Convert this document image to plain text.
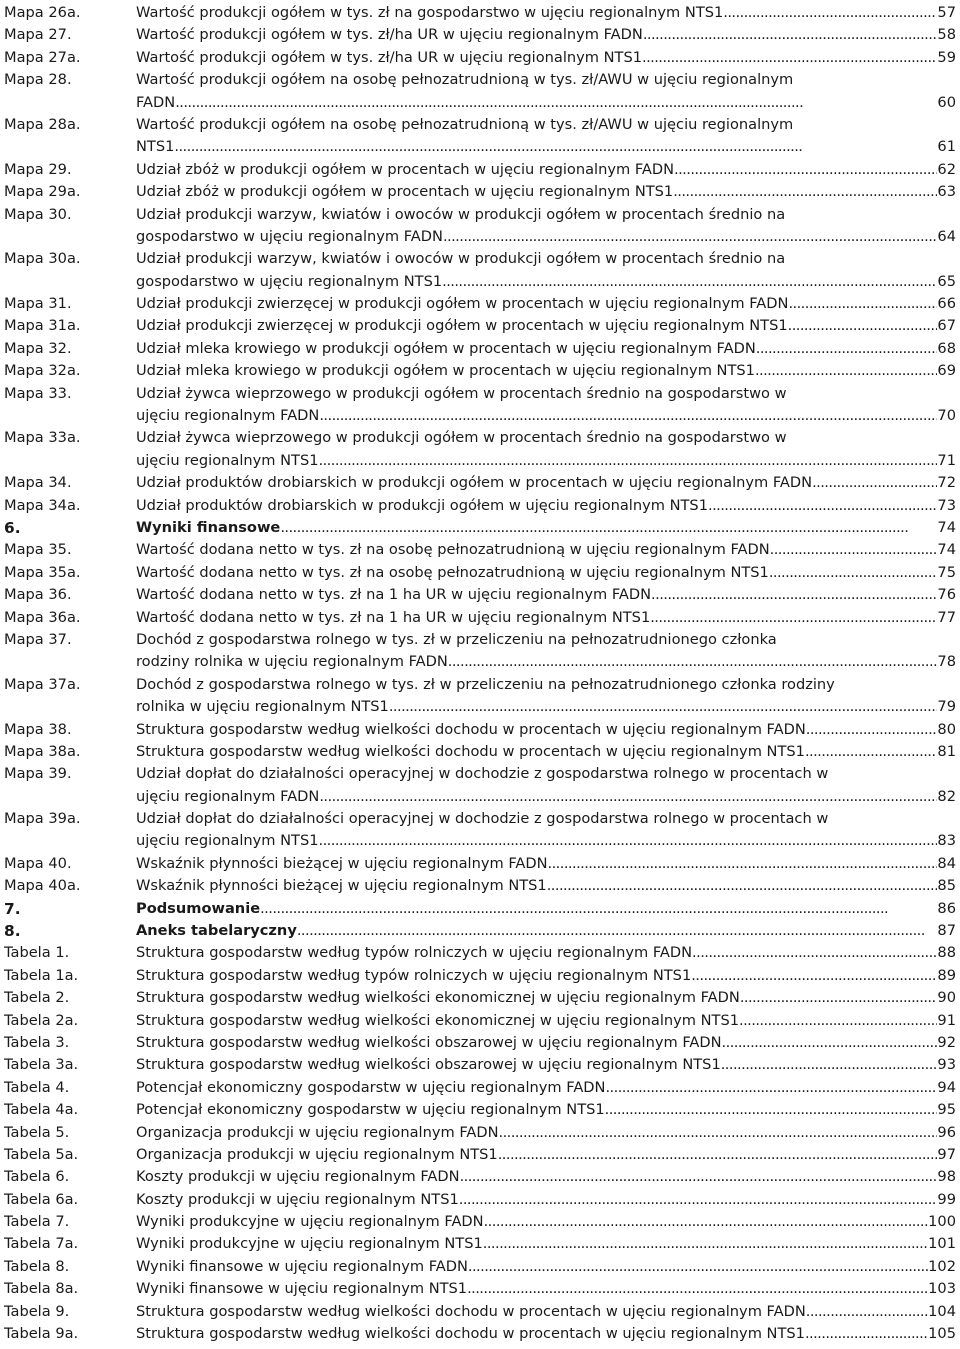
Mapa 26a.	Wartość produkcji ogółem w tys. zł na gospodarstwo w ujęciu regionalnym NTS1 . . .	57
Mapa 27.	Wartość produkcji ogółem w tys. zł/ha UR w ujęciu regionalnym FADN . . .	58
Mapa 27a.	Wartość produkcji ogółem w tys. zł/ha UR w ujęciu regionalnym NTS1 . . .	59
Mapa 28.	Wartość produkcji ogółem na osobę pełnozatrudnioną w tys. zł/AWU w ujęciu regionalnym
FADN . . .	60
Mapa 28a.	Wartość produkcji ogółem na osobę pełnozatrudnioną w tys. zł/AWU w ujęciu regionalnym
NTS1 . . .	61
Mapa 29.	Udział zbóż w produkcji ogółem w procentach w ujęciu regionalnym FADN . . .	62
Mapa 29a.	Udział zbóż w produkcji ogółem w procentach w ujęciu regionalnym NTS1 . . .	63
Mapa 30.	Udział produkcji warzyw, kwiatów i owoców w produkcji ogółem w procentach średnio na
gospodarstwo w ujęciu regionalnym FADN . . .	64
Mapa 30a.	Udział produkcji warzyw, kwiatów i owoców w produkcji ogółem w procentach średnio na
gospodarstwo w ujęciu regionalnym NTS1 . . .	65
Mapa 31.	Udział produkcji zwierzęcej w produkcji ogółem w procentach w ujęciu regionalnym FADN . . .	66
Mapa 31a.	Udział produkcji zwierzęcej w produkcji ogółem w procentach w ujęciu regionalnym NTS1 . . .	67
Mapa 32.	Udział mleka krowiego w produkcji ogółem w procentach w ujęciu regionalnym FADN . . .	68
Mapa 32a.	Udział mleka krowiego w produkcji ogółem w procentach w ujęciu regionalnym NTS1 . . .	69
Mapa 33.	Udział żywca wieprzowego w produkcji ogółem w procentach średnio na gospodarstwo w
ujęciu regionalnym FADN . . .	70
Mapa 33a.	Udział żywca wieprzowego w produkcji ogółem w procentach średnio na gospodarstwo w
ujęciu regionalnym NTS1 . . .	71
Mapa 34.	Udział produktów drobiarskich w produkcji ogółem w procentach w ujęciu regionalnym FADN . . .	72
Mapa 34a.	Udział produktów drobiarskich w produkcji ogółem w ujęciu regionalnym NTS1 . . .	73
6.	Wyniki finansowe . . .	74
Mapa 35.	Wartość dodana netto w tys. zł na osobę pełnozatrudnioną w ujęciu regionalnym FADN . . .	74
Mapa 35a.	Wartość dodana netto w tys. zł na osobę pełnozatrudnioną w ujęciu regionalnym NTS1 . . .	75
Mapa 36.	Wartość dodana netto w tys. zł na 1 ha UR w ujęciu regionalnym FADN . . .	76
Mapa 36a.	Wartość dodana netto w tys. zł na 1 ha UR w ujęciu regionalnym NTS1 . . .	77
Mapa 37.	Dochód z gospodarstwa rolnego w tys. zł w przeliczeniu na pełnozatrudnionego członka
rodziny rolnika w ujęciu regionalnym FADN . . .	78
Mapa 37a.	Dochód z gospodarstwa rolnego w tys. zł w przeliczeniu na pełnozatrudnionego członka rodziny
rolnika w ujęciu regionalnym NTS1 . . .	79
Mapa 38.	Struktura gospodarstw według wielkości dochodu w procentach w ujęciu regionalnym FADN . . .	80
Mapa 38a.	Struktura gospodarstw według wielkości dochodu w procentach w ujęciu regionalnym NTS1 . . .	81
Mapa 39.	Udział dopłat do działalności operacyjnej w dochodzie z gospodarstwa rolnego w procentach w
ujęciu regionalnym FADN . . .	82
Mapa 39a.	Udział dopłat do działalności operacyjnej w dochodzie z gospodarstwa rolnego w procentach w
ujęciu regionalnym NTS1 . . .	83
Mapa 40.	Wskaźnik płynności bieżącej w ujęciu regionalnym FADN . . .	84
Mapa 40a.	Wskaźnik płynności bieżącej w ujęciu regionalnym NTS1 . . .	85
7.	Podsumowanie . . .	86
8.	Aneks tabelaryczny . . .	87
Tabela 1.	Struktura gospodarstw według typów rolniczych w ujęciu regionalnym FADN . . .	88
Tabela 1a.	Struktura gospodarstw według typów rolniczych w ujęciu regionalnym NTS1 . . .	89
Tabela 2.	Struktura gospodarstw według wielkości ekonomicznej w ujęciu regionalnym FADN . . .	90
Tabela 2a.	Struktura gospodarstw według wielkości ekonomicznej w ujęciu regionalnym NTS1 . . .	91
Tabela 3.	Struktura gospodarstw według wielkości obszarowej w ujęciu regionalnym FADN . . .	92
Tabela 3a.	Struktura gospodarstw według wielkości obszarowej w ujęciu regionalnym NTS1 . . .	93
Tabela 4.	Potencjał ekonomiczny gospodarstw w ujęciu regionalnym FADN . . .	94
Tabela 4a.	Potencjał ekonomiczny gospodarstw w ujęciu regionalnym NTS1 . . .	95
Tabela 5.	Organizacja produkcji w ujęciu regionalnym FADN . . .	96
Tabela 5a.	Organizacja produkcji w ujęciu regionalnym NTS1 . . .	97
Tabela 6.	Koszty produkcji w ujęciu regionalnym FADN . . .	98
Tabela 6a.	Koszty produkcji w ujęciu regionalnym NTS1 . . .	99
Tabela 7.	Wyniki produkcyjne w ujęciu regionalnym FADN . . .	100
Tabela 7a.	Wyniki produkcyjne w ujęciu regionalnym NTS1 . . .	101
Tabela 8.	Wyniki finansowe w ujęciu regionalnym FADN . . .	102
Tabela 8a.	Wyniki finansowe w ujęciu regionalnym NTS1 . . .	103
Tabela 9.	Struktura gospodarstw według wielkości dochodu w procentach w ujęciu regionalnym FADN . . .	104
Tabela 9a.	Struktura gospodarstw według wielkości dochodu w procentach w ujęciu regionalnym NTS1 . . .	105
